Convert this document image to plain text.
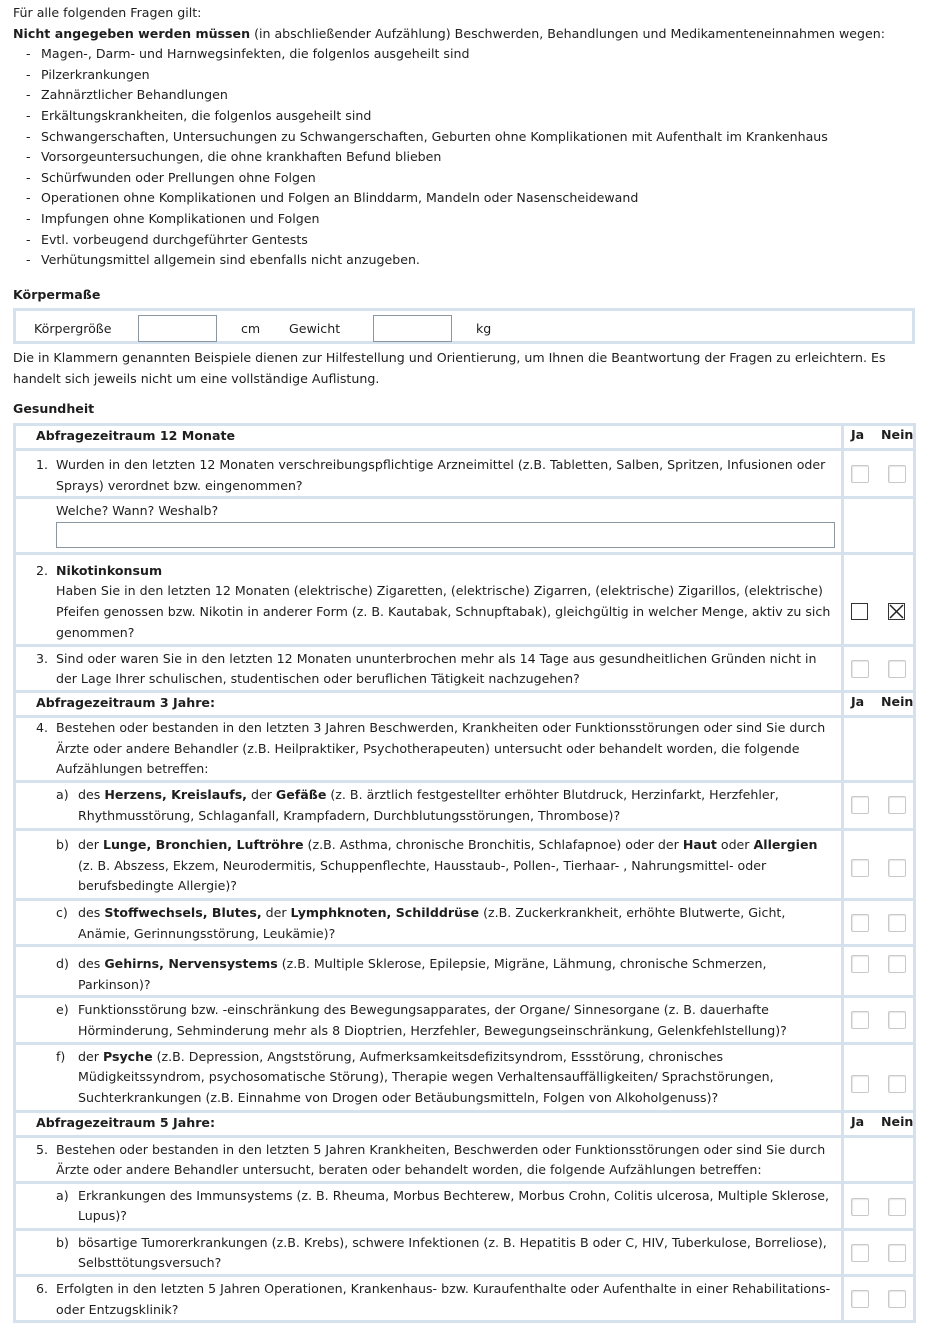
Für alle folgenden Fragen gilt:

Nicht angegeben werden müssen (in abschließender Aufzählung) Beschwerden, Behandlungen und Medikamenteneinnahmen wegen:

- Magen-, Darm- und Harnwegsinfekten, die folgenlos ausgeheilt sind
- Pilzerkrankungen
- Zahnärztlicher Behandlungen
- Erkältungskrankheiten, die folgenlos ausgeheilt sind
- Schwangerschaften, Untersuchungen zu Schwangerschaften, Geburten ohne Komplikationen mit Aufenthalt im Krankenhaus
- Vorsorgeuntersuchungen, die ohne krankhaften Befund blieben
- Schürfwunden oder Prellungen ohne Folgen
- Operationen ohne Komplikationen und Folgen an Blinddarm, Mandeln oder Nasenscheidewand
- Impfungen ohne Komplikationen und Folgen
- Evtl. vorbeugend durchgeführter Gentests
- Verhütungsmittel allgemein sind ebenfalls nicht anzugeben.
Körpermaße
Körpergröße	cm Gewicht	kg
Die in Klammern genannten Beispiele dienen zur Hilfestellung und Orientierung, um Ihnen die Beantwortung der Fragen zu erleichtern. Es handelt sich jeweils nicht um eine vollständige Auflistung.
Gesundheit
Abfragezeitraum 12 Monate	Ja Nein

1. Wurden in den letzten 12 Monaten verschreibungspflichtige Arzneimittel (z.B. Tabletten, Salben, Spritzen, Infusionen oder Sprays) verordnet bzw. eingenommen?	

Welche? Wann? Weshalb?	

2. Nikotinkonsum
Haben Sie in den letzten 12 Monaten (elektrische) Zigaretten, (elektrische) Zigarren, (elektrische) Zigarillos, (elektrische) Pfeifen genossen bzw. Nikotin in anderer Form (z. B. Kautabak, Schnupftabak), gleichgültig in welcher Menge, aktiv zu sich genommen?

3. Sind oder waren Sie in den letzten 12 Monaten ununterbrochen mehr als 14 Tage aus gesundheitlichen Gründen nicht in der Lage Ihrer schulischen, studentischen oder beruflichen Tätigkeit nachzugehen?	

Abfragezeitraum 3 Jahre:	Ja Nein

4. Bestehen oder bestanden in den letzten 3 Jahren Beschwerden, Krankheiten oder Funktionsstörungen oder sind Sie durch Ärzte oder andere Behandler (z.B. Heilpraktiker, Psychotherapeuten) untersucht oder behandelt worden, die folgende Aufzählungen betreffen:	

a) des Herzens, Kreislaufs, der Gefäße (z. B. ärztlich festgestellter erhöhter Blutdruck, Herzinfarkt, Herzfehler, Rhythmusstörung, Schlaganfall, Krampfadern, Durchblutungsstörungen, Thrombose)?	

b) der Lunge, Bronchien, Luftröhre (z.B. Asthma, chronische Bronchitis, Schlafapnoe) oder der Haut oder Allergien (z. B. Abszess, Ekzem, Neurodermitis, Schuppenflechte, Hausstaub-, Pollen-, Tierhaar- , Nahrungsmittel- oder berufsbedingte Allergie)?	

c) des Stoffwechsels, Blutes, der Lymphknoten, Schilddrüse (z.B. Zuckerkrankheit, erhöhte Blutwerte, Gicht, Anämie, Gerinnungsstörung, Leukämie)?	

d) des Gehirns, Nervensystems (z.B. Multiple Sklerose, Epilepsie, Migräne, Lähmung, chronische Schmerzen, Parkinson)?	

e) Funktionsstörung bzw. -einschränkung des Bewegungsapparates, der Organe/ Sinnesorgane (z. B. dauerhafte Hörminderung, Sehminderung mehr als 8 Dioptrien, Herzfehler, Bewegungseinschränkung, Gelenkfehlstellung)?	

f) der Psyche (z.B. Depression, Angststörung, Aufmerksamkeitsdefizitsyndrom, Essstörung, chronisches Müdigkeitssyndrom, psychosomatische Störung), Therapie wegen Verhaltensauffälligkeiten/ Sprachstörungen, Suchterkrankungen (z.B. Einnahme von Drogen oder Betäubungsmitteln, Folgen von Alkoholgenuss)?	

Abfragezeitraum 5 Jahre:	Ja Nein

5. Bestehen oder bestanden in den letzten 5 Jahren Krankheiten, Beschwerden oder Funktionsstörungen oder sind Sie durch Ärzte oder andere Behandler untersucht, beraten oder behandelt worden, die folgende Aufzählungen betreffen:	

a) Erkrankungen des Immunsystems (z. B. Rheuma, Morbus Bechterew, Morbus Crohn, Colitis ulcerosa, Multiple Sklerose, Lupus)?	

b) bösartige Tumorerkrankungen (z.B. Krebs), schwere Infektionen (z. B. Hepatitis B oder C, HIV, Tuberkulose, Borreliose), Selbsttötungsversuch?	

6. Erfolgten in den letzten 5 Jahren Operationen, Krankenhaus- bzw. Kuraufenthalte oder Aufenthalte in einer Rehabilitations- oder Entzugsklinik?	
